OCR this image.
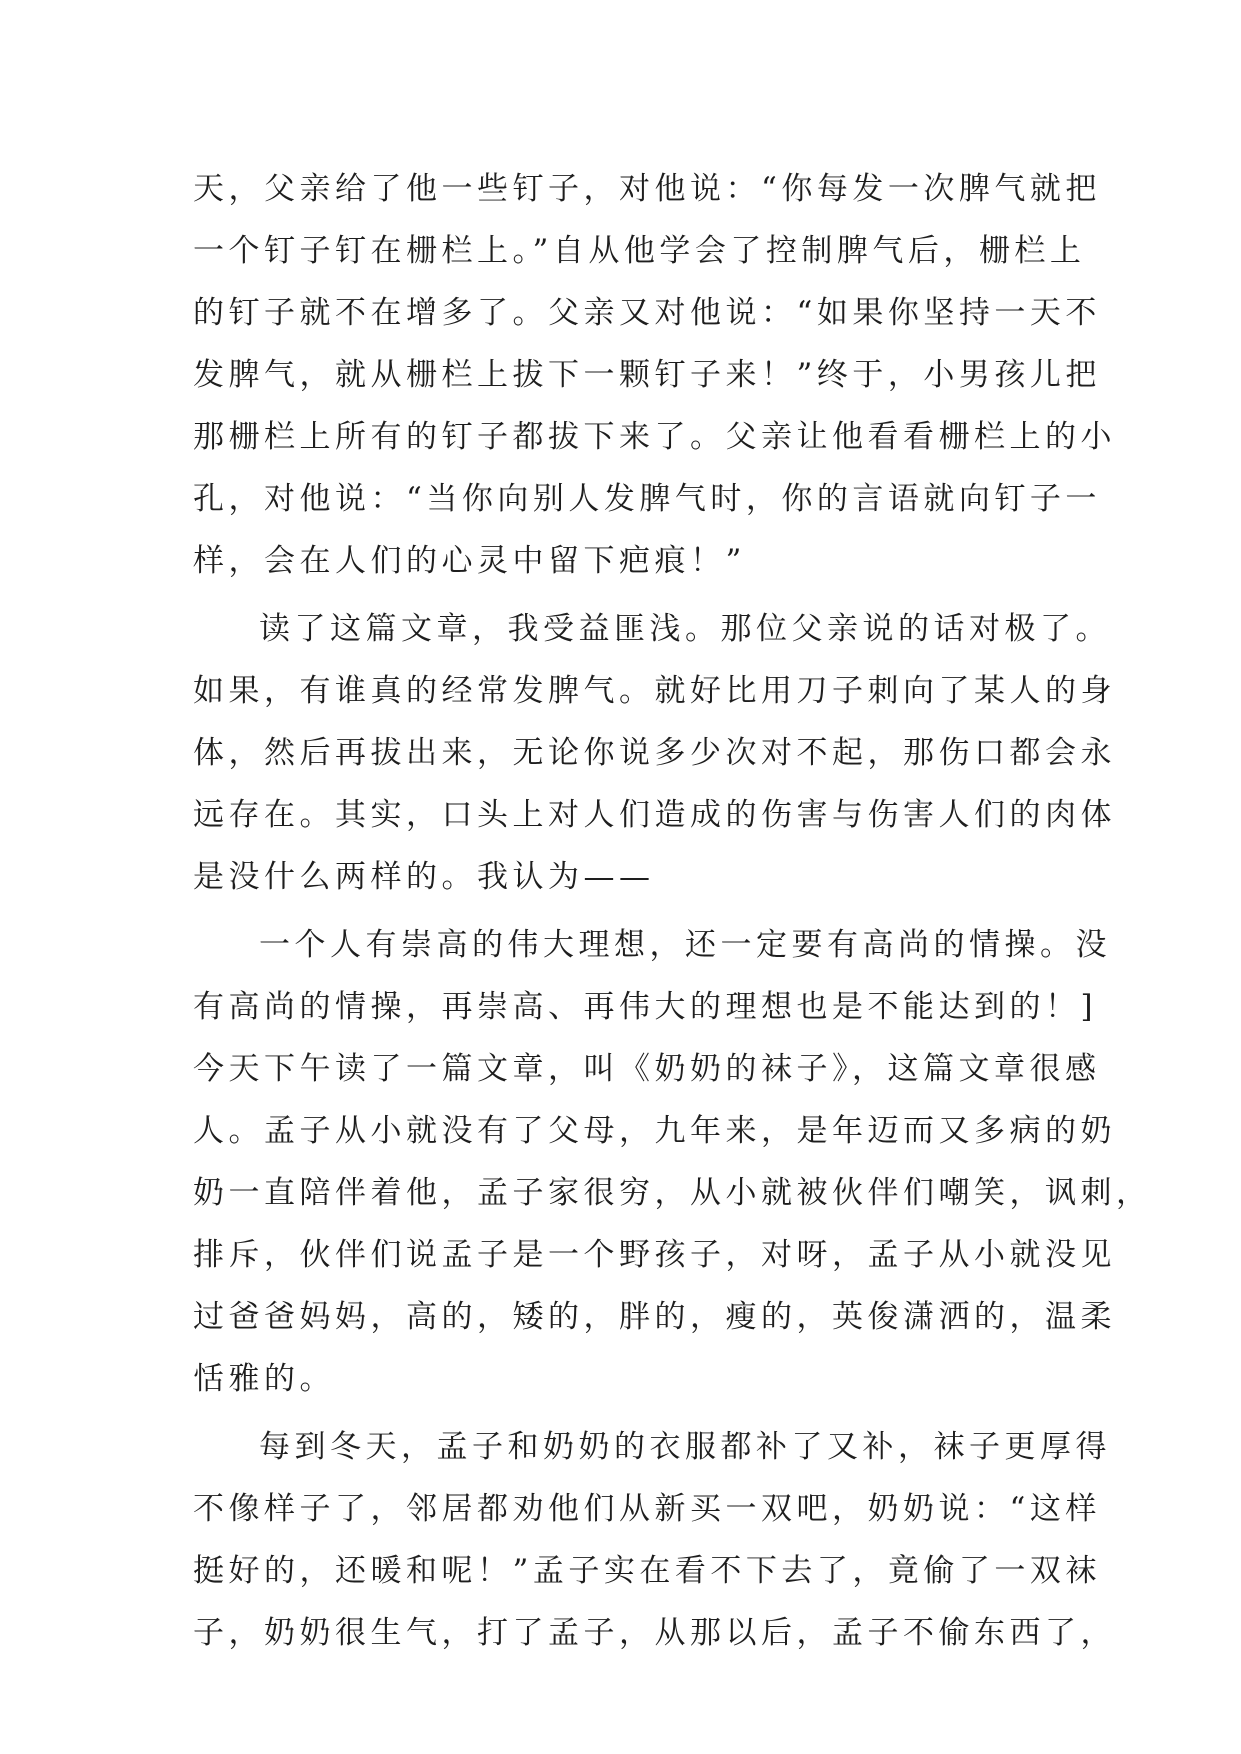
天，父亲给了他一些钉子，对他说：“你每发一次脾气就把
一个钉子钉在栅栏上。”自从他学会了控制脾气后，栅栏上
的钉子就不在增多了。父亲又对他说：“如果你坚持一天不
发脾气，就从栅栏上拔下一颗钉子来！”终于，小男孩儿把
那栅栏上所有的钉子都拔下来了。父亲让他看看栅栏上的小
孔，对他说：“当你向别人发脾气时，你的言语就向钉子一
样，会在人们的心灵中留下疤痕！”
读了这篇文章，我受益匪浅。那位父亲说的话对极了。
如果，有谁真的经常发脾气。就好比用刀子刺向了某人的身
体，然后再拔出来，无论你说多少次对不起，那伤口都会永
远存在。其实，口头上对人们造成的伤害与伤害人们的肉体
是没什么两样的。我认为——
一个人有崇高的伟大理想，还一定要有高尚的情操。没
有高尚的情操，再崇高、再伟大的理想也是不能达到的！]
今天下午读了一篇文章，叫《奶奶的袜子》，这篇文章很感
人。孟子从小就没有了父母，九年来，是年迈而又多病的奶
奶一直陪伴着他，孟子家很穷，从小就被伙伴们嘲笑，讽刺，
排斥，伙伴们说孟子是一个野孩子，对呀，孟子从小就没见
过爸爸妈妈，高的，矮的，胖的，瘦的，英俊潇洒的，温柔
恬雅的。
每到冬天，孟子和奶奶的衣服都补了又补，袜子更厚得
不像样子了，邻居都劝他们从新买一双吧，奶奶说：“这样
挺好的，还暖和呢！”孟子实在看不下去了，竟偷了一双袜
子，奶奶很生气，打了孟子，从那以后，孟子不偷东西了，
